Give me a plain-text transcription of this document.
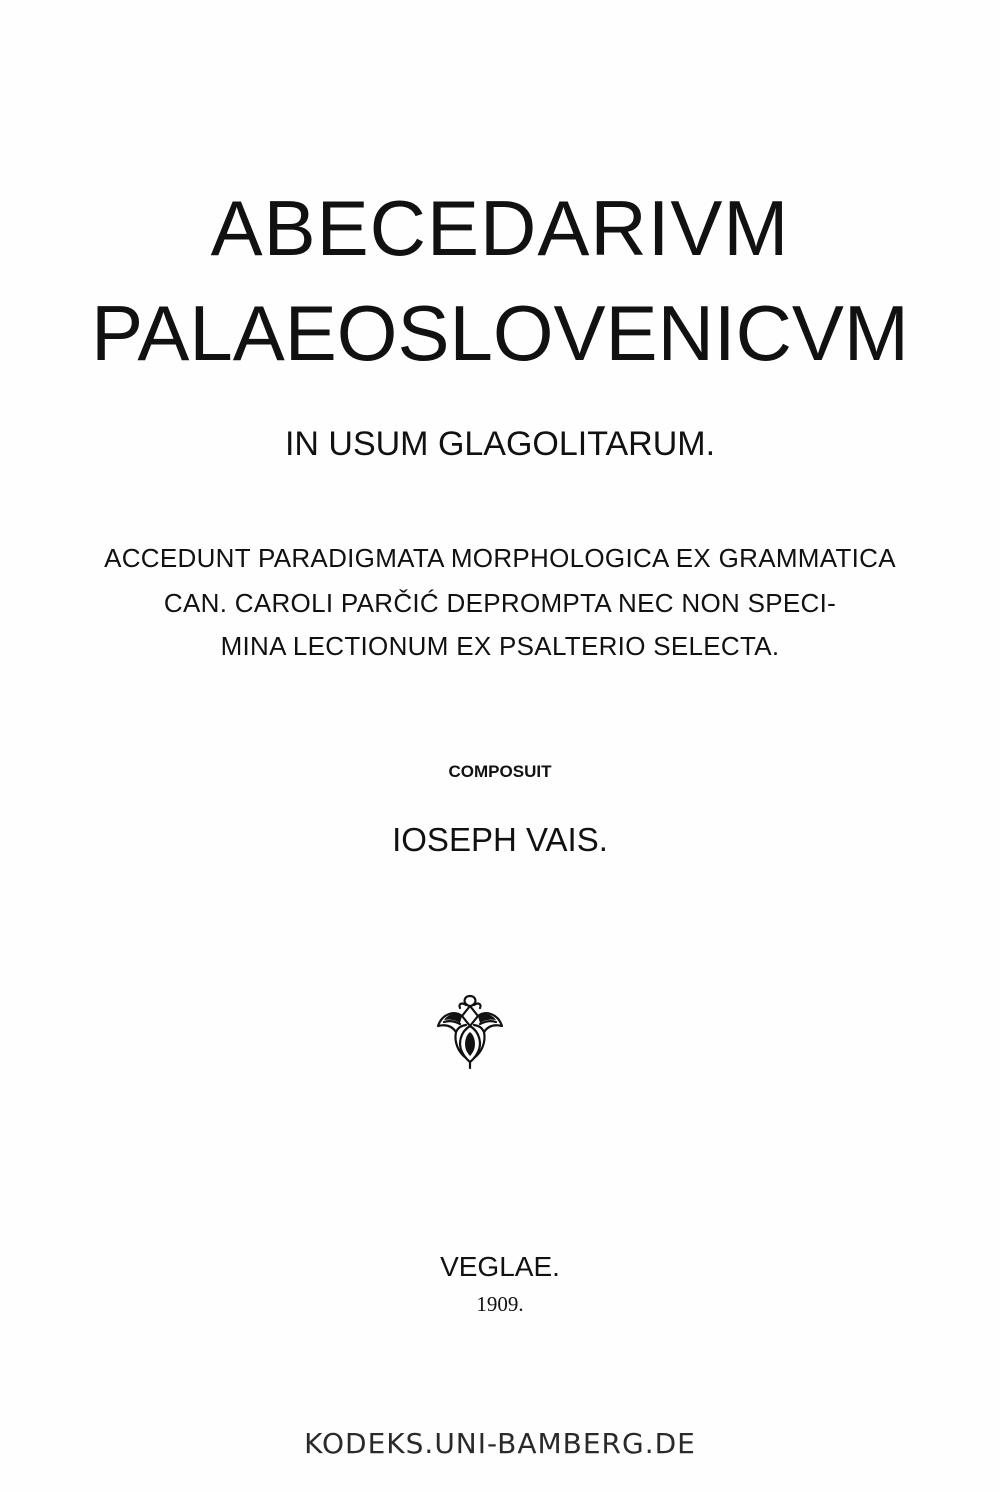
ABECEDARIVM
PALAEOSLOVENICVM
IN USUM GLAGOLITARUM.
ACCEDUNT PARADIGMATA MORPHOLOGICA EX GRAMMATICA
CAN. CAROLI PARČIĆ DEPROMPTA NEC NON SPECI-
MINA LECTIONUM EX PSALTERIO SELECTA.
COMPOSUIT
IOSEPH VAIS.
VEGLAE.
1909.
KODEKS.UNI-BAMBERG.DE
